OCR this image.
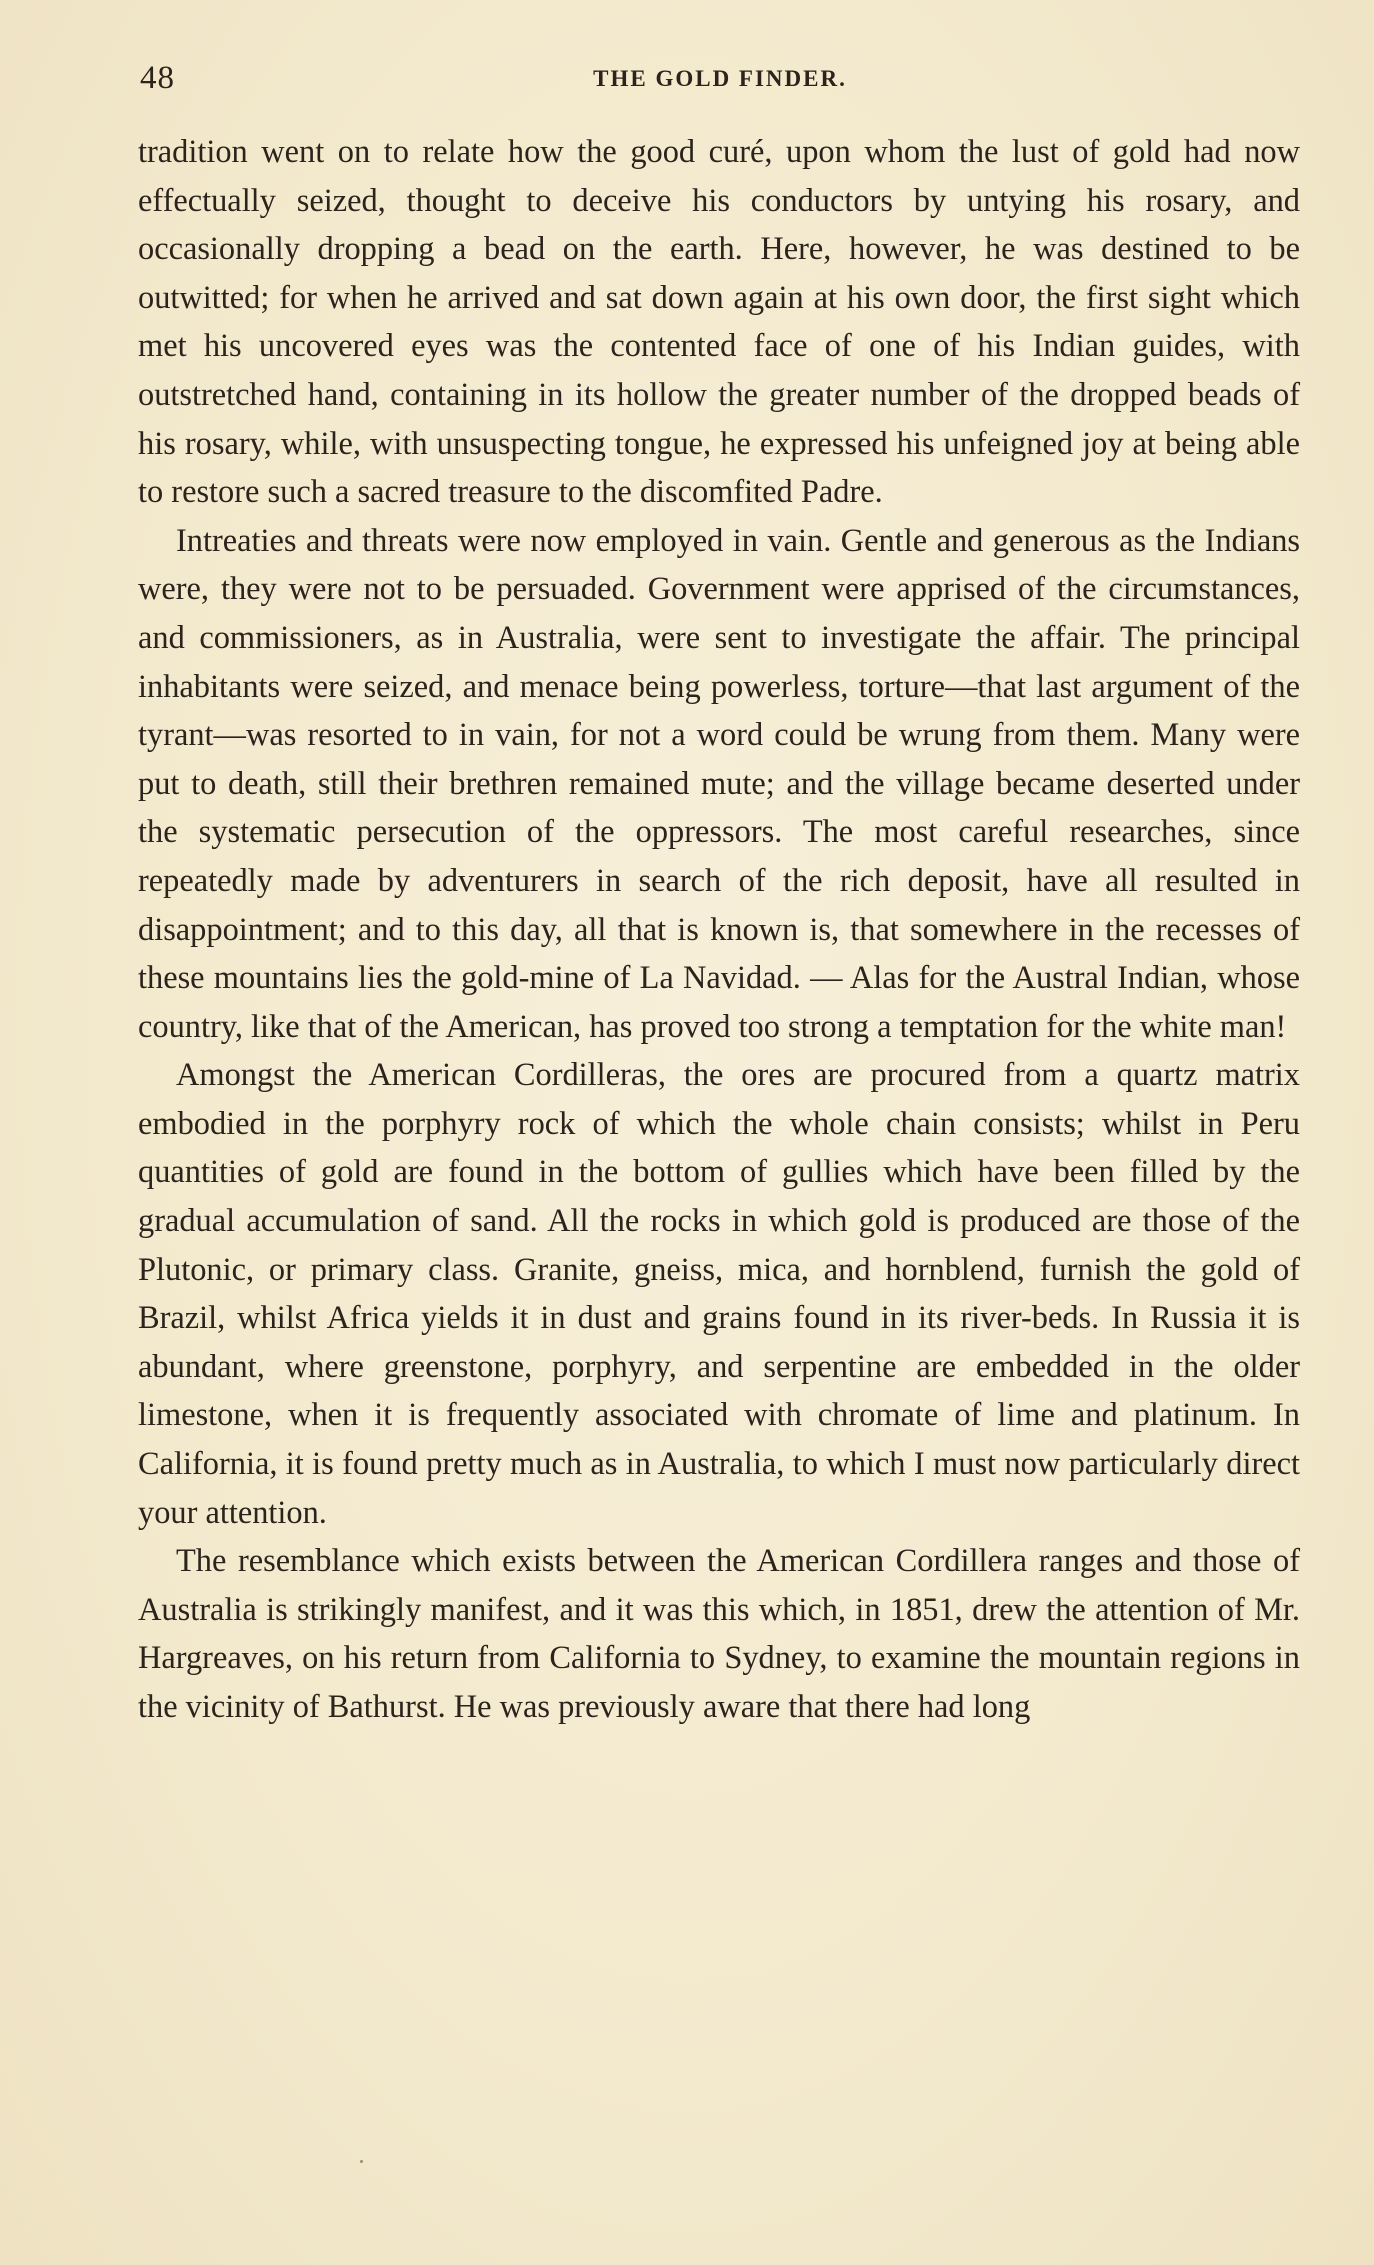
48	THE GOLD FINDER.

tradition went on to relate how the good curé, upon whom the lust of gold had now effectually seized, thought to deceive his conductors by untying his rosary, and occasionally dropping a bead on the earth. Here, however, he was destined to be outwitted; for when he arrived and sat down again at his own door, the first sight which met his uncovered eyes was the contented face of one of his Indian guides, with outstretched hand, containing in its hollow the greater number of the dropped beads of his rosary, while, with unsuspecting tongue, he expressed his unfeigned joy at being able to restore such a sacred treasure to the discomfited Padre.

Intreaties and threats were now employed in vain. Gentle and generous as the Indians were, they were not to be persuaded. Government were apprised of the circumstances, and commissioners, as in Australia, were sent to investigate the affair. The principal inhabitants were seized, and menace being powerless, torture—that last argument of the tyrant—was resorted to in vain, for not a word could be wrung from them. Many were put to death, still their brethren remained mute; and the village became deserted under the systematic persecution of the oppressors. The most careful researches, since repeatedly made by adventurers in search of the rich deposit, have all resulted in disappointment; and to this day, all that is known is, that somewhere in the recesses of these mountains lies the gold-mine of La Navidad. — Alas for the Austral Indian, whose country, like that of the American, has proved too strong a temptation for the white man!

Amongst the American Cordilleras, the ores are procured from a quartz matrix embodied in the porphyry rock of which the whole chain consists; whilst in Peru quantities of gold are found in the bottom of gullies which have been filled by the gradual accumulation of sand. All the rocks in which gold is produced are those of the Plutonic, or primary class. Granite, gneiss, mica, and hornblend, furnish the gold of Brazil, whilst Africa yields it in dust and grains found in its river-beds. In Russia it is abundant, where greenstone, porphyry, and serpentine are embedded in the older limestone, when it is frequently associated with chromate of lime and platinum. In California, it is found pretty much as in Australia, to which I must now particularly direct your attention.

The resemblance which exists between the American Cordillera ranges and those of Australia is strikingly manifest, and it was this which, in 1851, drew the attention of Mr. Hargreaves, on his return from California to Sydney, to examine the mountain regions in the vicinity of Bathurst. He was previously aware that there had long
